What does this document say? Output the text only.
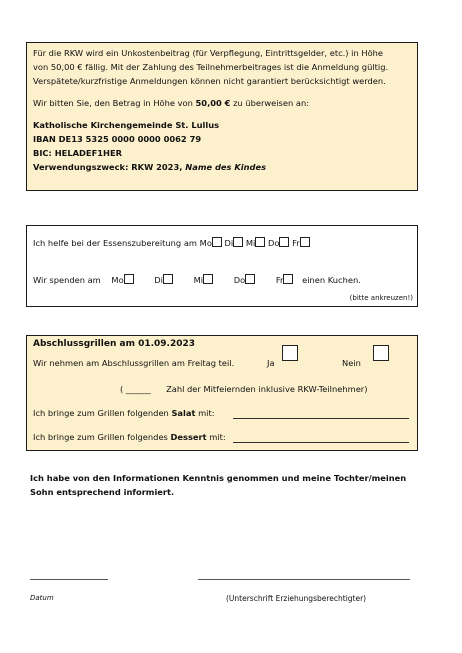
Für die RKW wird ein Unkostenbeitrag (für Verpflegung, Eintrittsgelder, etc.) in Höhe
von 50,00 € fällig. Mit der Zahlung des Teilnehmerbeitrages ist die Anmeldung gültig.
Verspätete/kurzfristige Anmeldungen können nicht garantiert berücksichtigt werden.
Wir bitten Sie, den Betrag in Höhe von 50,00 € zu überweisen an:
Katholische Kirchengemeinde St. Lullus
IBAN DE13 5325 0000 0000 0062 79
BIC: HELADEF1HER
Verwendungszweck: RKW 2023, Name des Kindes
Ich helfe bei der Essenszubereitung am Mo Di Mi Do Fr
Wir spenden am Mo	Di	Mi	Do	Fr einen Kuchen.
(bitte ankreuzen!)
Abschlussgrillen am 01.09.2023
Wir nehmen am Abschlussgrillen am Freitag teil.	Ja	Nein
( ______ Zahl der Mitfeiernden inklusive RKW-Teilnehmer)
Ich bringe zum Grillen folgenden Salat mit:
Ich bringe zum Grillen folgendes Dessert mit:
Ich habe von den Informationen Kenntnis genommen und meine Tochter/meinen
Sohn entsprechend informiert.
Datum	(Unterschrift Erziehungsberechtigter)
